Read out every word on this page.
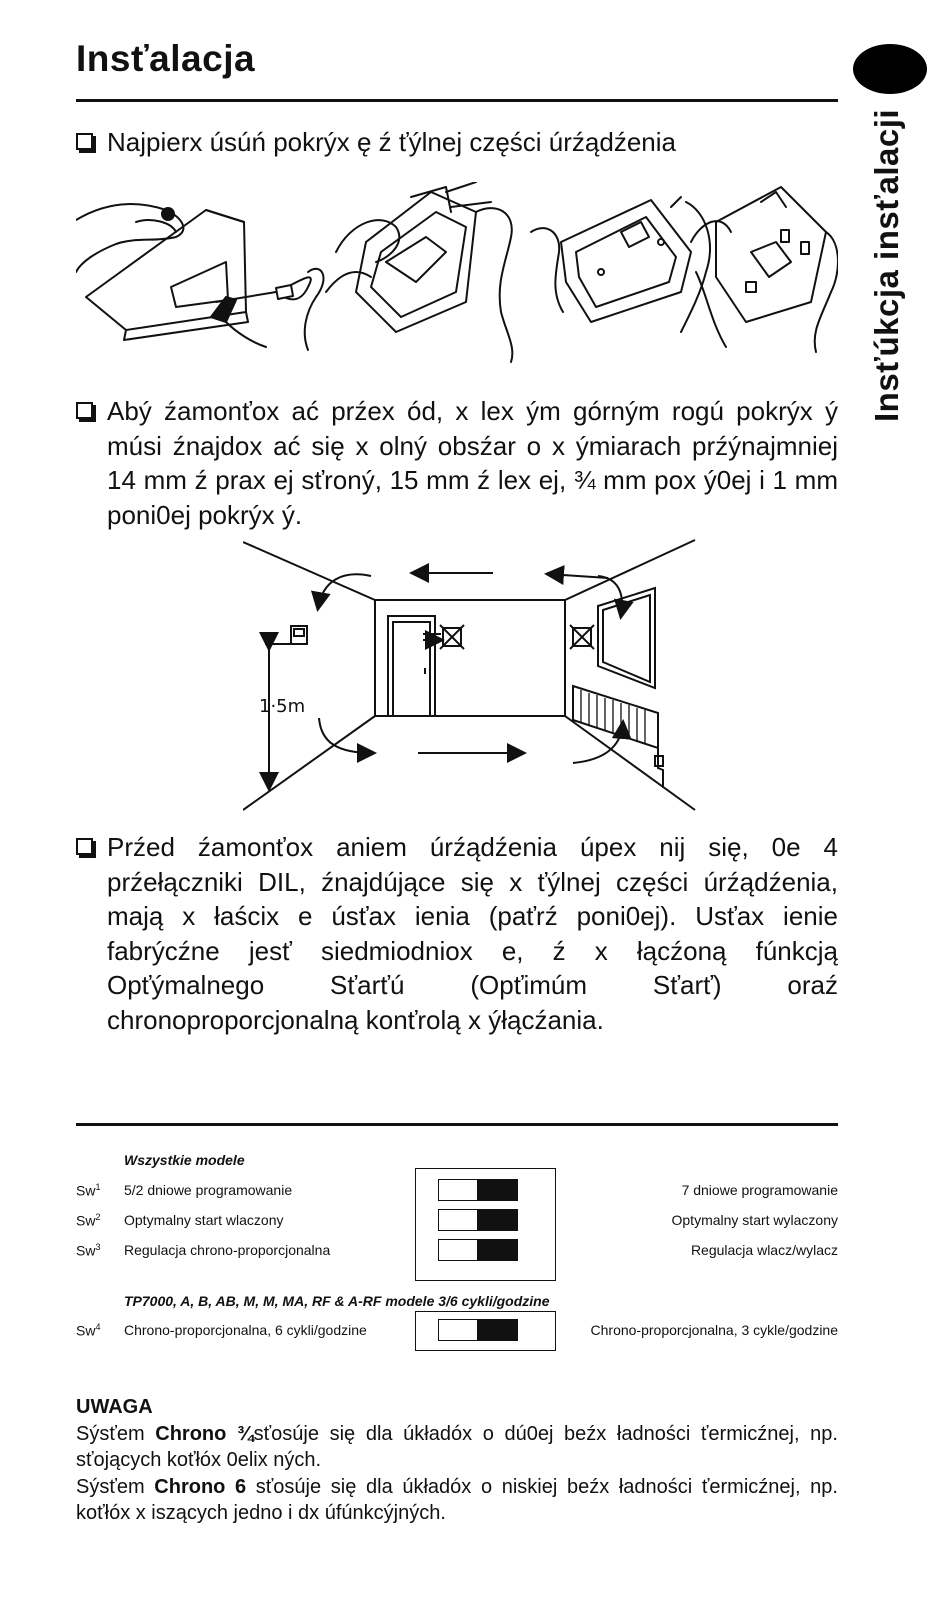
Insťalacja
Insťúkcja insťalacji
Najpierx úsúń pokrýx ę ź ťýlnej części úrźądźenia
Abý źamonťox ać prźex ód, x lex ým górným rogú pokrýx ý músi źnajdox ać się x olný obsźar o x ýmiarach prźýnajmniej 14 mm ź prax ej sťroný, 15 mm ź lex ej, ¾ mm pox ý0ej i 1 mm poni0ej pokrýx ý.
1·5m
Prźed źamonťox aniem úrźądźenia úpex nij się, 0e 4 prźełączniki DIL, źnajdújące się x ťýlnej części úrźądźenia, mają x łaścix e úsťax ienia (paťrź poni0ej). Usťax ienie fabrýcźne jesť siedmiodniox e, ź x łącźoną fúnkcją Opťýmalnego Sťarťú (Opťimúm Sťarť) oraź chronoproporcjonalną konťrolą x ýłącźania.
Wszystkie modele
Sw$^1$ 5/2 dniowe programowanie	7 dniowe programowanie
Sw$^2$ Optymalny start wlaczony	Optymalny start wylaczony
Sw$^3$ Regulacja chrono-proporcjonalna	Regulacja wlacz/wylacz
TP7000, A, B, AB, M, M, MA, RF & A-RF modele 3/6 cykli/godzine
Sw$^4$ Chrono-proporcjonalna, 6 cykli/godzine	Chrono-proporcjonalna, 3 cykle/godzine
UWAGA

Sýsťem Chrono ¾sťosúje się dla úkładóx o dú0ej beźx ładności ťermicźnej, np. sťojących koťłóx 0elix ných.

Sýsťem Chrono 6 sťosúje się dla úkładóx o niskiej beźx ładności ťermicźnej, np. koťłóx x iszących jedno i dx úfúnkcýjných.
